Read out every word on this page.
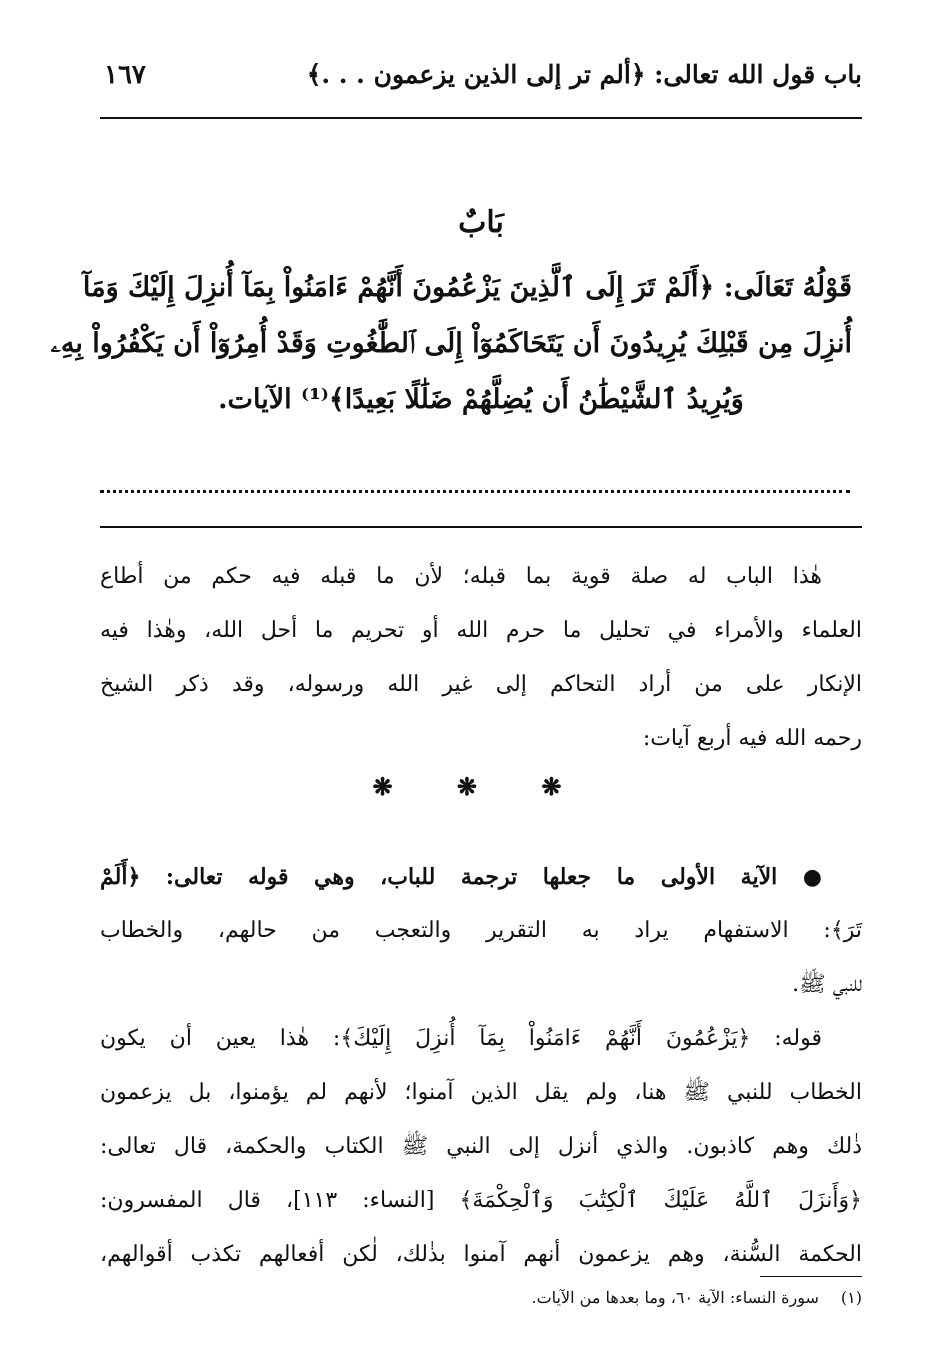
باب قول الله تعالى: ﴿ألم تر إلى الذين يزعمون . . .﴾
١٦٧
بَابٌ
قَوْلُهُ تَعَالَى: ﴿أَلَمْ تَرَ إِلَى ٱلَّذِينَ يَزْعُمُونَ أَنَّهُمْ ءَامَنُواْ بِمَآ أُنزِلَ إِلَيْكَ وَمَآ
أُنزِلَ مِن قَبْلِكَ يُرِيدُونَ أَن يَتَحَاكَمُوٓاْ إِلَى ٱلطَّٰغُوتِ وَقَدْ أُمِرُوٓاْ أَن يَكْفُرُواْ بِهِۦ
وَيُرِيدُ ٱلشَّيْطَٰنُ أَن يُضِلَّهُمْ ضَلَٰلًا بَعِيدًا﴾⁽¹⁾ الآيات.
هٰذا الباب له صلة قوية بما قبله؛ لأن ما قبله فيه حكم من أطاع
العلماء والأمراء في تحليل ما حرم الله أو تحريم ما أحل الله، وهٰذا فيه
الإنكار على من أراد التحاكم إلى غير الله ورسوله، وقد ذكر الشيخ
رحمه الله فيه أربع آيات:
❋ ❋ ❋
● الآية الأولى ما جعلها ترجمة للباب، وهي قوله تعالى: ﴿أَلَمْ
تَرَ﴾: الاستفهام يراد به التقرير والتعجب من حالهم، والخطاب
للنبي ﷺ.
قوله: ﴿يَزْعُمُونَ أَنَّهُمْ ءَامَنُواْ بِمَآ أُنزِلَ إِلَيْكَ﴾: هٰذا يعين أن يكون
الخطاب للنبي ﷺ هنا، ولم يقل الذين آمنوا؛ لأنهم لم يؤمنوا، بل يزعمون
ذٰلك وهم كاذبون. والذي أنزل إلى النبي ﷺ الكتاب والحكمة، قال تعالى:
﴿وَأَنزَلَ ٱللَّهُ عَلَيْكَ ٱلْكِتَٰبَ وَٱلْحِكْمَةَ﴾ [النساء: ١١٣]، قال المفسرون:
الحكمة السُّنة، وهم يزعمون أنهم آمنوا بذٰلك، لٰكن أفعالهم تكذب أقوالهم،
(١)سورة النساء: الآية ٦٠، وما بعدها من الآيات.
